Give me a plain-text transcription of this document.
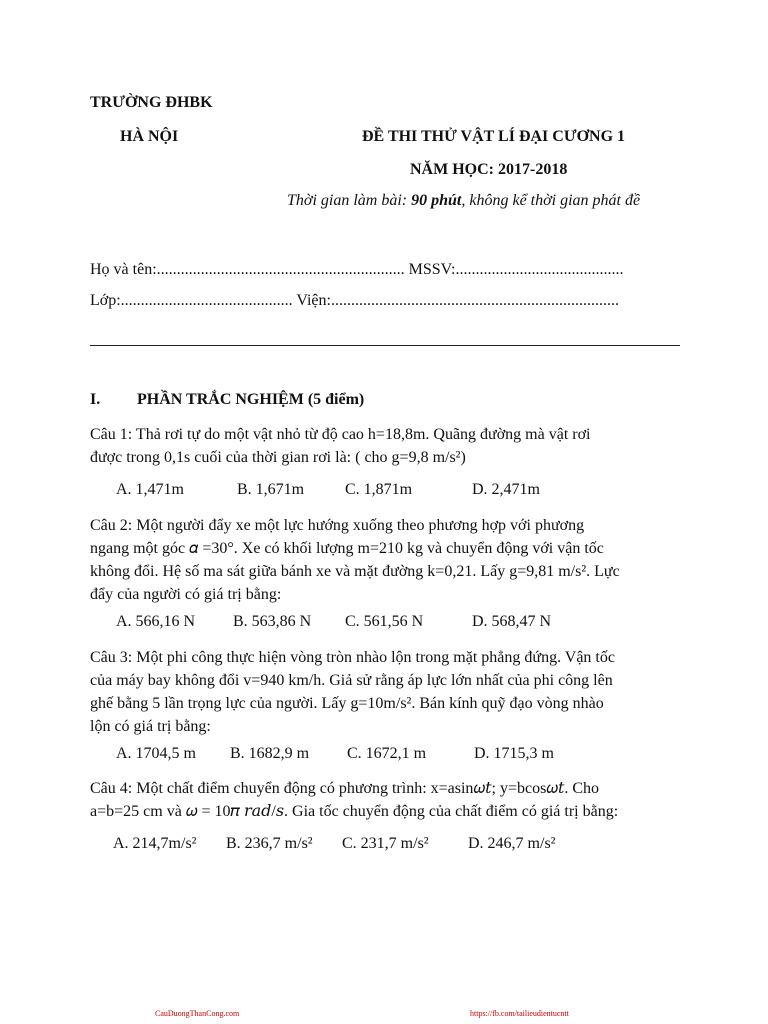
TRƯỜNG ĐHBK
HÀ NỘI	ĐỀ THI THỬ VẬT LÍ ĐẠI CƯƠNG 1
NĂM HỌC: 2017-2018
Thời gian làm bài: 90 phút, không kể thời gian phát đề
Họ và tên:.............................................................. MSSV:..........................................
Lớp:........................................... Viện:........................................................................
I. PHẦN TRẮC NGHIỆM (5 điểm)
Câu 1: Thả rơi tự do một vật nhỏ từ độ cao h=18,8m. Quãng đường mà vật rơi
được trong 0,1s cuối của thời gian rơi là: ( cho g=9,8 m/s²)
A. 1,471m	B. 1,671m	C. 1,871m	D. 2,471m
Câu 2: Một người đẩy xe một lực hướng xuống theo phương hợp với phương
ngang một góc 𝛼 =30°. Xe có khối lượng m=210 kg và chuyển động với vận tốc
không đổi. Hệ số ma sát giữa bánh xe và mặt đường k=0,21. Lấy g=9,81 m/s². Lực
đẩy của người có giá trị bằng:
A. 566,16 N B. 563,86 N C. 561,56 N	D. 568,47 N
Câu 3: Một phi công thực hiện vòng tròn nhào lộn trong mặt phẳng đứng. Vận tốc
của máy bay không đổi v=940 km/h. Giả sử rằng áp lực lớn nhất của phi công lên
ghế bằng 5 lần trọng lực của người. Lấy g=10m/s². Bán kính quỹ đạo vòng nhào
lộn có giá trị bằng:
A. 1704,5 m B. 1682,9 m C. 1672,1 m	D. 1715,3 m
Câu 4: Một chất điểm chuyển động có phương trình: x=asin𝜔𝑡; y=bcos𝜔𝑡. Cho
a=b=25 cm và 𝜔 = 10𝜋 𝑟𝑎𝑑/𝑠. Gia tốc chuyển động của chất điểm có giá trị bằng:
A. 214,7m/s² B. 236,7 m/s² C. 231,7 m/s² D. 246,7 m/s²
CauDuongThanCong.com	https://fb.com/tailieudientucntt
